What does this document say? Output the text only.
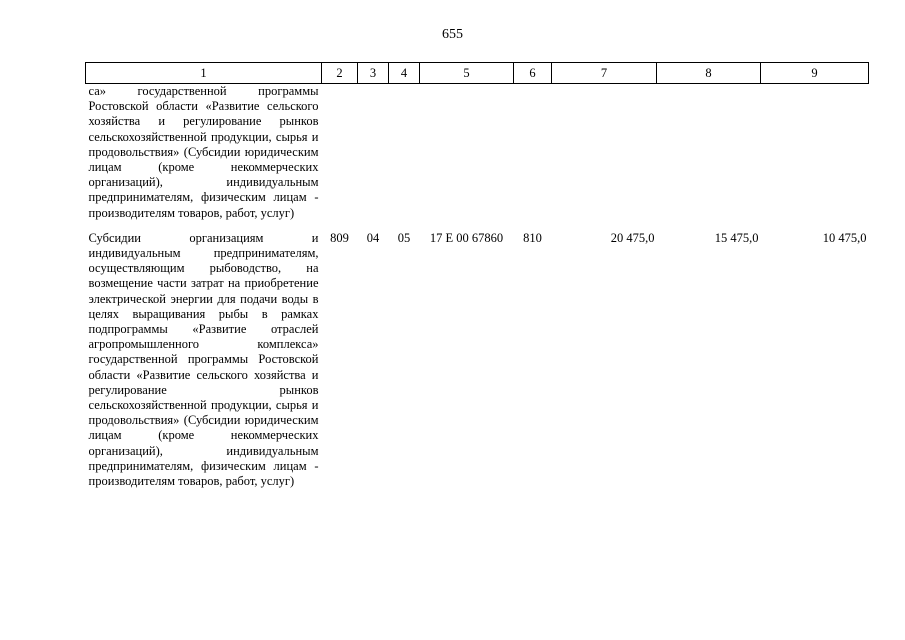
655
1	2	3	4	5	6	7	8	9
са» государственной программы Ростовской области «Развитие сельского хозяйства и регулирование рынков сельскохозяйственной продукции, сырья и продовольствия» (Субсидии юридическим лицам (кроме некоммерческих организаций), индивидуальным предпринимателям, физическим лицам - производителям товаров, работ, услуг)								
Субсидии организациям и индивидуальным предпринимателям, осуществляющим рыбоводство, на возмещение части затрат на приобретение электрической энергии для подачи воды в целях выращивания рыбы в рамках подпрограммы «Развитие отраслей агропромышленного комплекса» государственной программы Ростовской области «Развитие сельского хозяйства и регулирование рынков сельскохозяйственной продукции, сырья и продовольствия» (Субсидии юридическим лицам (кроме некоммерческих организаций), индивидуальным предпринимателям, физическим лицам - производителям товаров, работ, услуг)	809	04	05	17 Е 00 67860	810	20 475,0	15 475,0	10 475,0
